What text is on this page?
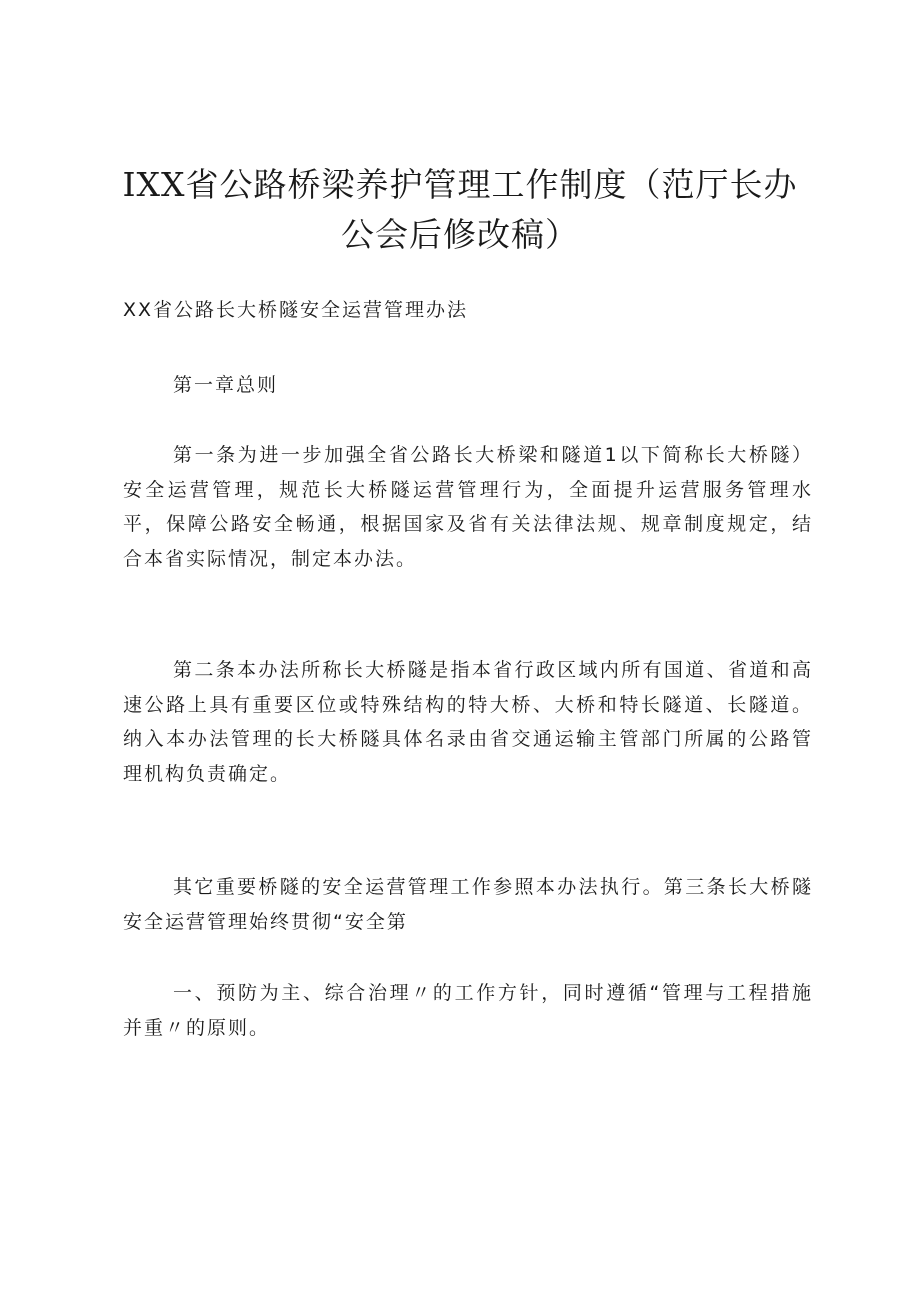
IXX省公路桥梁养护管理工作制度（范厅长办公会后修改稿）

XX省公路长大桥隧安全运营管理办法

第一章总则

第一条为进一步加强全省公路长大桥梁和隧道1以下简称长大桥隧）安全运营管理，规范长大桥隧运营管理行为，全面提升运营服务管理水平，保障公路安全畅通，根据国家及省有关法律法规、规章制度规定，结合本省实际情况，制定本办法。

第二条本办法所称长大桥隧是指本省行政区域内所有国道、省道和高速公路上具有重要区位或特殊结构的特大桥、大桥和特长隧道、长隧道。纳入本办法管理的长大桥隧具体名录由省交通运输主管部门所属的公路管理机构负责确定。

其它重要桥隧的安全运营管理工作参照本办法执行。第三条长大桥隧安全运营管理始终贯彻“安全第

一、预防为主、综合治理〃的工作方针，同时遵循“管理与工程措施并重〃的原则。
